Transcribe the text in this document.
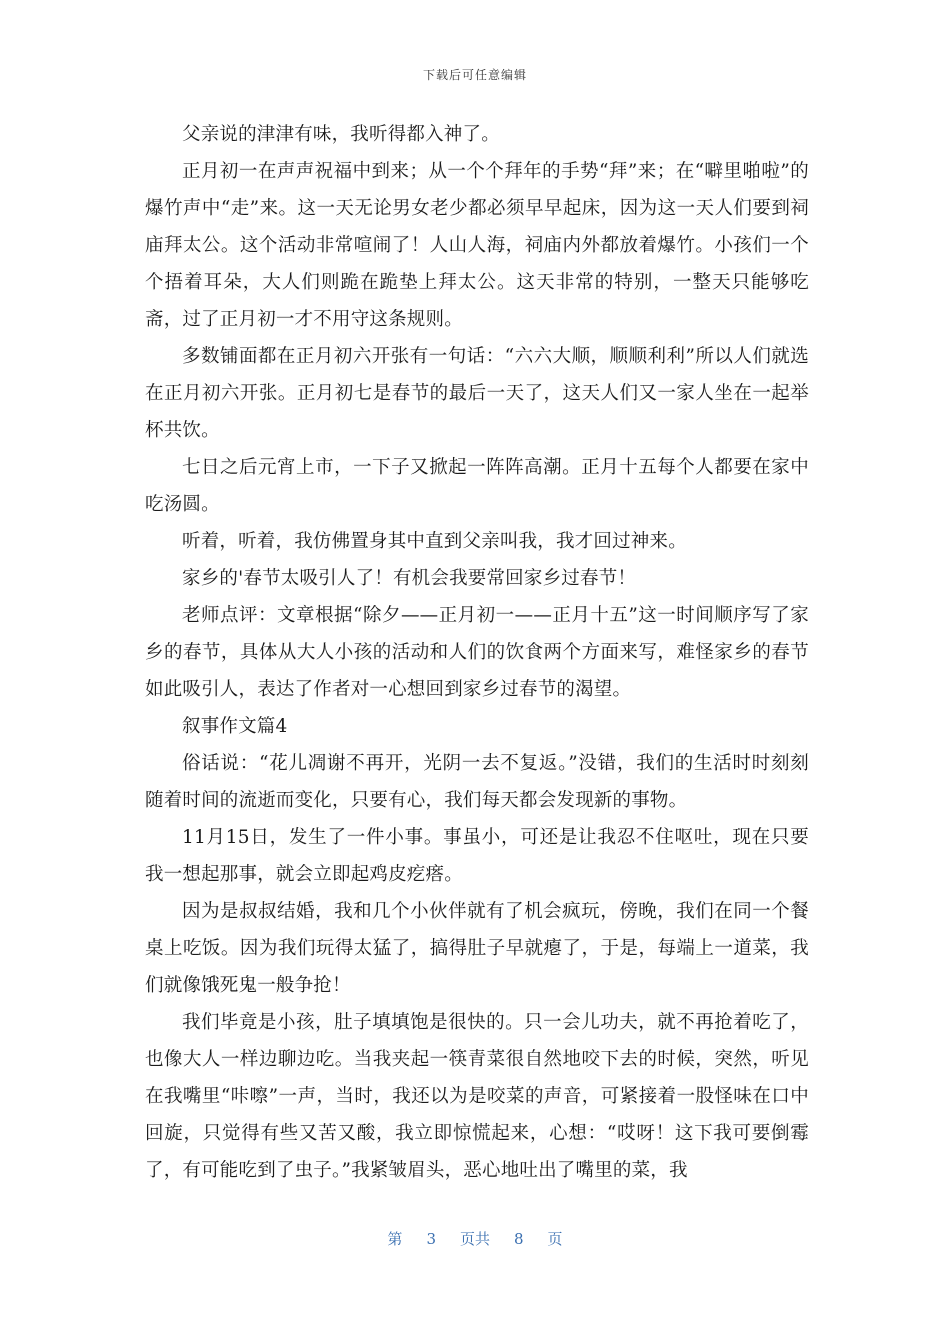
下载后可任意编辑

父亲说的津津有味，我听得都入神了。

正月初一在声声祝福中到来；从一个个拜年的手势“拜”来；在“噼里啪啦”的爆竹声中“走”来。这一天无论男女老少都必须早早起床，因为这一天人们要到祠庙拜太公。这个活动非常喧闹了！人山人海，祠庙内外都放着爆竹。小孩们一个个捂着耳朵，大人们则跪在跪垫上拜太公。这天非常的特别，一整天只能够吃斋，过了正月初一才不用守这条规则。

多数铺面都在正月初六开张有一句话：“六六大顺，顺顺利利”所以人们就选在正月初六开张。正月初七是春节的最后一天了，这天人们又一家人坐在一起举杯共饮。

七日之后元宵上市，一下子又掀起一阵阵高潮。正月十五每个人都要在家中吃汤圆。

听着，听着，我仿佛置身其中直到父亲叫我，我才回过神来。

家乡的'春节太吸引人了！有机会我要常回家乡过春节！

老师点评：文章根据“除夕——正月初一——正月十五”这一时间顺序写了家乡的春节，具体从大人小孩的活动和人们的饮食两个方面来写，难怪家乡的春节如此吸引人，表达了作者对一心想回到家乡过春节的渴望。

叙事作文篇4

俗话说：“花儿凋谢不再开，光阴一去不复返。”没错，我们的生活时时刻刻随着时间的流逝而变化，只要有心，我们每天都会发现新的事物。

11月15日，发生了一件小事。事虽小，可还是让我忍不住呕吐，现在只要我一想起那事，就会立即起鸡皮疙瘩。

因为是叔叔结婚，我和几个小伙伴就有了机会疯玩，傍晚，我们在同一个餐桌上吃饭。因为我们玩得太猛了，搞得肚子早就瘪了，于是，每端上一道菜，我们就像饿死鬼一般争抢！

我们毕竟是小孩，肚子填填饱是很快的。只一会儿功夫，就不再抢着吃了，也像大人一样边聊边吃。当我夹起一筷青菜很自然地咬下去的时候，突然，听见在我嘴里“咔嚓”一声，当时，我还以为是咬菜的声音，可紧接着一股怪味在口中回旋，只觉得有些又苦又酸，我立即惊慌起来，心想：“哎呀！这下我可要倒霉了，有可能吃到了虫子。”我紧皱眉头，恶心地吐出了嘴里的菜，我

第 3 页共 8 页
